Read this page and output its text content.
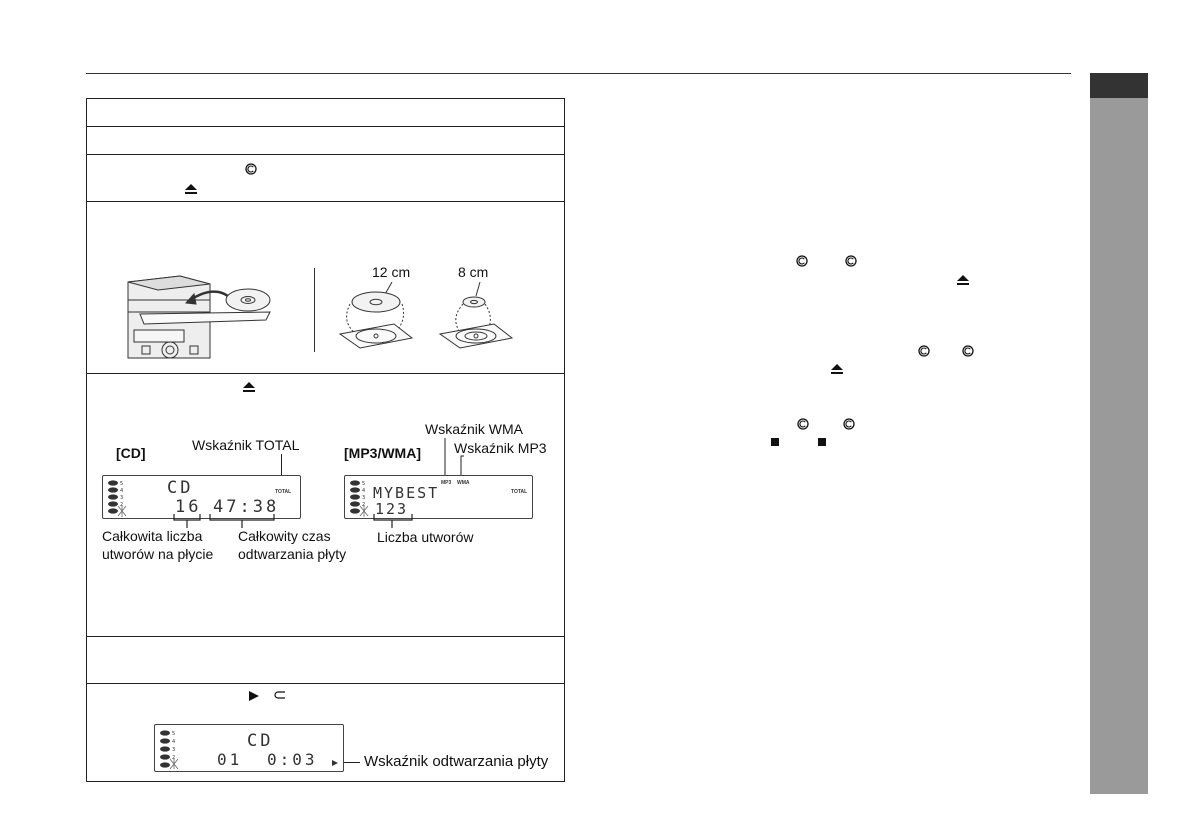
12 cm	8 cm
[CD]	Wskaźnik TOTAL
5
4
3
2
CD
16 47:38
TOTAL
Całkowita liczba
utworów na płycie
Całkowity czas
odtwarzania płyty
Wskaźnik WMA
Wskaźnik MP3
[MP3/WMA]
5
4
3
2
MP3 WMA
MYBEST
123
TOTAL
Liczba utworów
5
4
3
2
CD
01 0:03	Wskaźnik odtwarzania płyty
